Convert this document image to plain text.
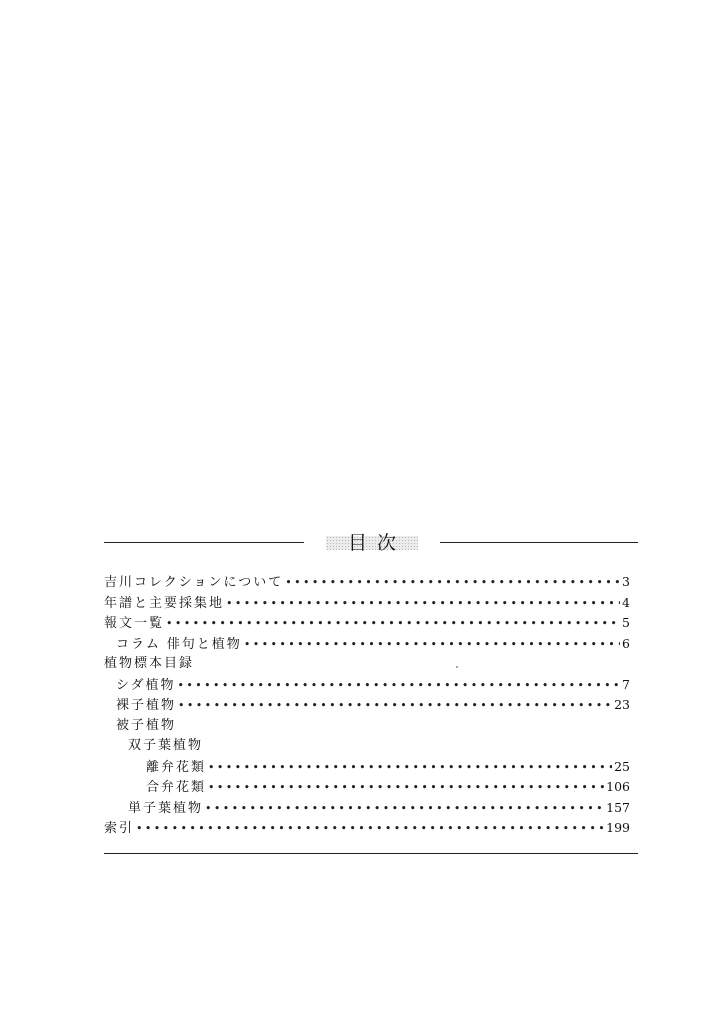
目次
吉川コレクションについて •••••	3
年譜と主要採集地 •••••	4
報文一覧 •••••	5
コラム 俳句と植物 •••••	6
植物標本目録
シダ植物 •••••	7
裸子植物 •••••	23
被子植物
双子葉植物
離弁花類 •••••	25
合弁花類 •••••	106
単子葉植物 •••••	157
索引 •••••	199
